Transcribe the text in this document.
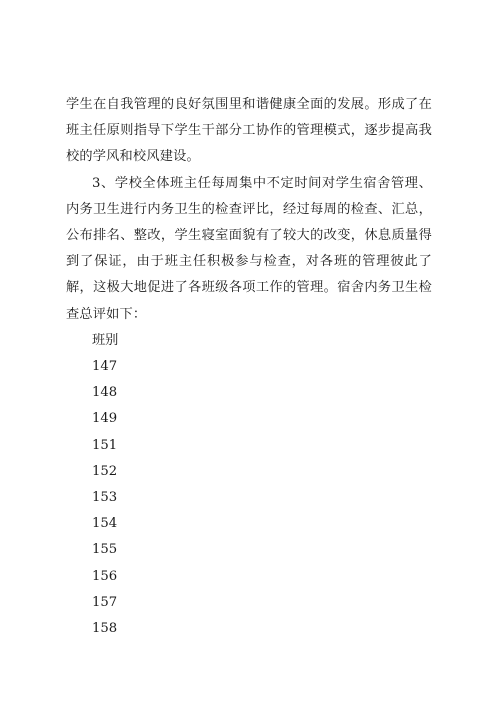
学生在自我管理的良好氛围里和谐健康全面的发展。形成了在班主任原则指导下学生干部分工协作的管理模式，逐步提高我校的学风和校风建设。

3、学校全体班主任每周集中不定时间对学生宿舍管理、内务卫生进行内务卫生的检查评比，经过每周的检查、汇总，公布排名、整改，学生寝室面貌有了较大的改变，休息质量得到了保证，由于班主任积极参与检查，对各班的管理彼此了解，这极大地促进了各班级各项工作的管理。宿舍内务卫生检查总评如下：

班别
147
148
149
151
152
153
154
155
156
157
158
